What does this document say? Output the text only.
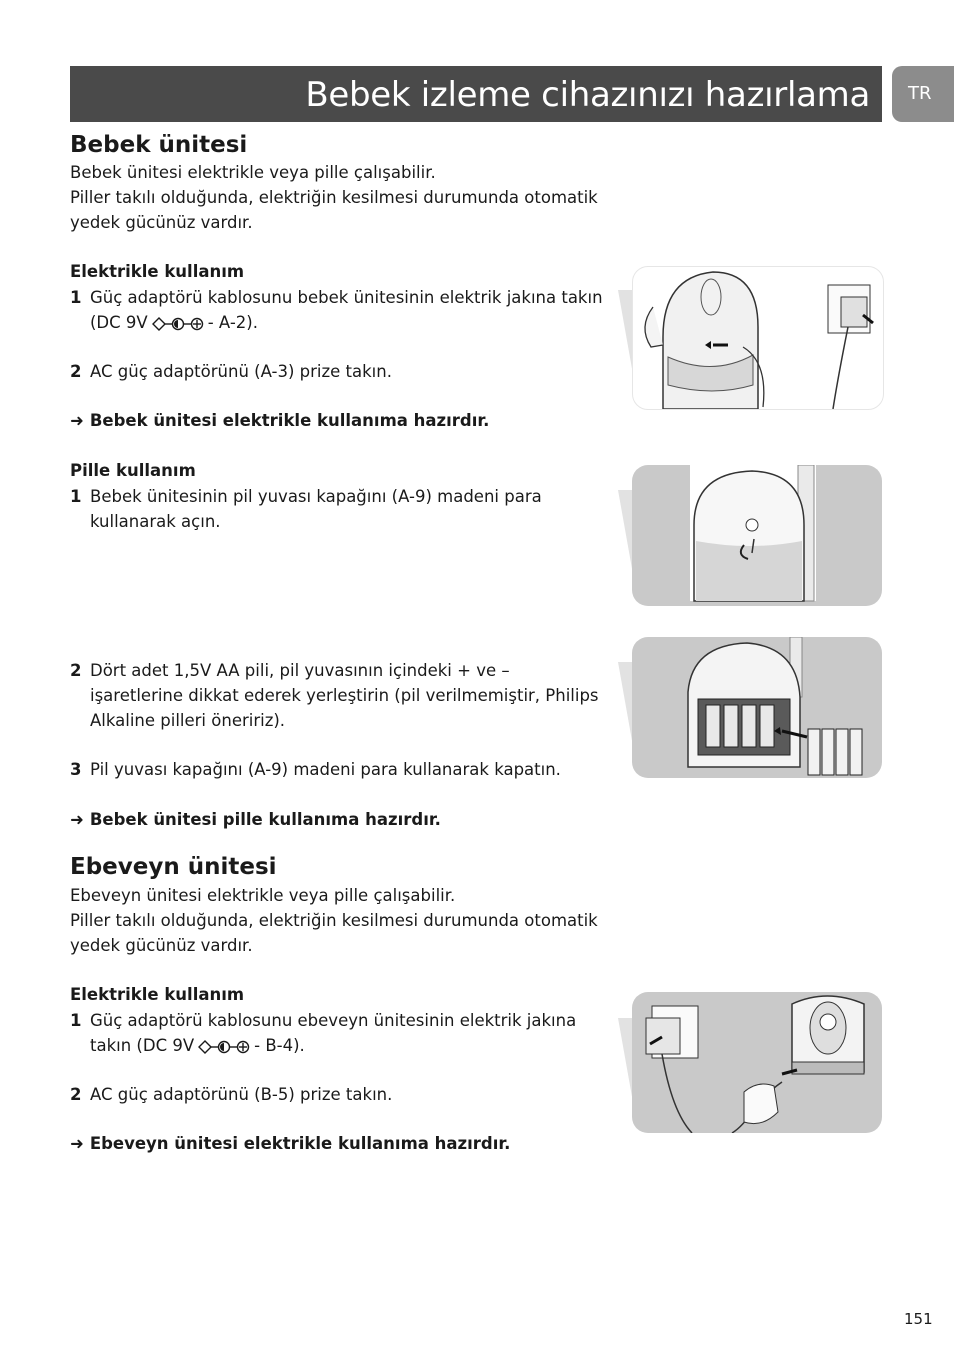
Bebek izleme cihazınızı hazırlama	TR
Bebek ünitesi
Bebek ünitesi elektrikle veya pille çalışabilir.
Piller takılı olduğunda, elektriğin kesilmesi durumunda otomatik
yedek gücünüz vardır.
Elektrikle kullanım
1 Güç adaptörü kablosunu bebek ünitesinin elektrik jakına takın
(DC 9V	- A-2).
2 AC güç adaptörünü (A-3) prize takın.
➜ Bebek ünitesi elektrikle kullanıma hazırdır.
Pille kullanım
1 Bebek ünitesinin pil yuvası kapağını (A-9) madeni para
kullanarak açın.
2 Dört adet 1,5V AA pili, pil yuvasının içindeki + ve –
işaretlerine dikkat ederek yerleştirin (pil verilmemiştir, Philips
Alkaline pilleri öneririz).
3 Pil yuvası kapağını (A-9) madeni para kullanarak kapatın.
➜ Bebek ünitesi pille kullanıma hazırdır.
Ebeveyn ünitesi
Ebeveyn ünitesi elektrikle veya pille çalışabilir.
Piller takılı olduğunda, elektriğin kesilmesi durumunda otomatik
yedek gücünüz vardır.
Elektrikle kullanım
1 Güç adaptörü kablosunu ebeveyn ünitesinin elektrik jakına
takın (DC 9V	- B-4).
2 AC güç adaptörünü (B-5) prize takın.
➜ Ebeveyn ünitesi elektrikle kullanıma hazırdır.
151
